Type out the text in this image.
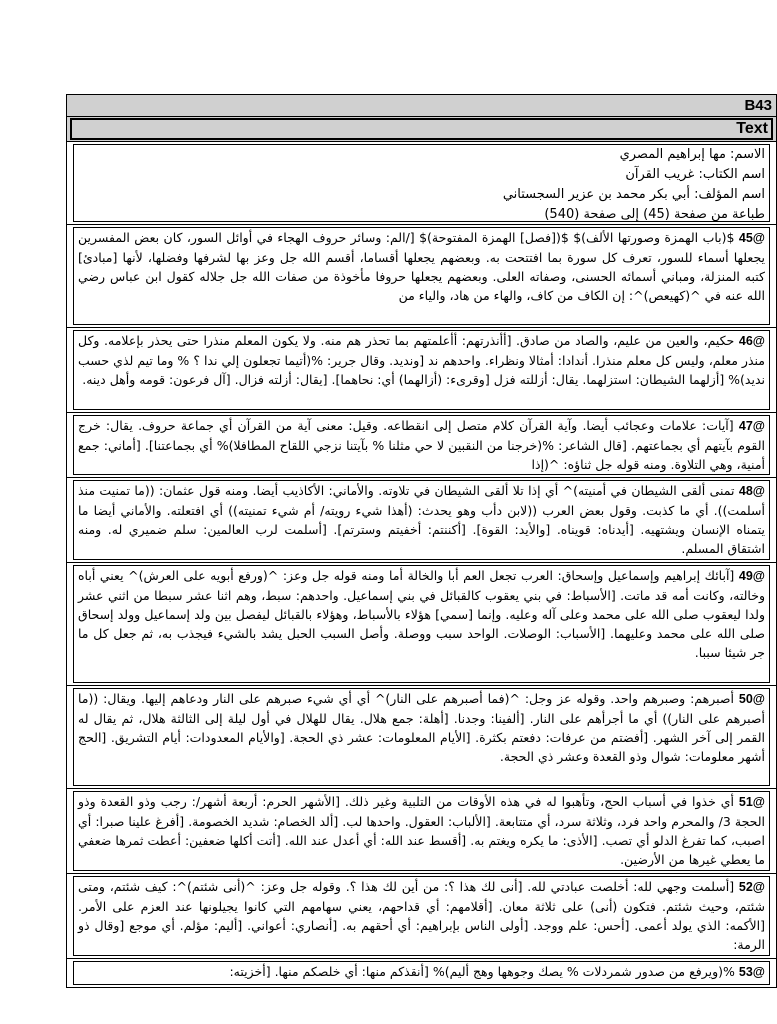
B43
Text
الاسم: مها إبراهيم المصري
اسم الكتاب: غريب القرآن
اسم المؤلف: أبي بكر محمد بن عزير السجستاني
طباعة من صفحة (45) إلى صفحة (540)
@45 $(باب الهمزة وصورتها الألف)$ $([فصل] الهمزة المفتوحة)$ [/الم: وسائر حروف الهجاء في أوائل السور، كان بعض المفسرين يجعلها أسماء للسور، تعرف كل سورة بما افتتحت به. وبعضهم يجعلها أقساما، أقسم الله جل وعز بها لشرفها وفضلها، لأنها [مبادئ] كتبه المنزلة، ومباني أسمائه الحسنى، وصفاته العلى. وبعضهم يجعلها حروفا مأخوذة من صفات الله جل جلاله كقول ابن عباس رضي الله عنه في ^(كهيعص)^: إن الكاف من كاف، والهاء من هاد، والياء من
@46 حكيم، والعين من عليم، والصاد من صادق. [أأنذرتهم: أأعلمتهم بما تحذر هم منه. ولا يكون المعلم منذرا حتى يحذر بإعلامه. وكل منذر معلم، وليس كل معلم منذرا. أندادا: أمثالا ونظراء. واحدهم ند [ونديد. وقال جرير: %(أتيما تجعلون إلي ندا ؟ % وما تيم لذي حسب نديد)% [أزلهما الشيطان: استزلهما. يقال: أزللته فزل [وقرىء: (أزالهما) أي: نحاهما]. [يقال: أزلته فزال. [آل فرعون: قومه وأهل دينه.
@47 [آيات: علامات وعجائب أيضا. وآية القرآن كلام متصل إلى انقطاعه. وقيل: معنى آية من القرآن أي جماعة حروف. يقال: خرج القوم بآيتهم أي بجماعتهم. [قال الشاعر: %(خرجنا من النقبين لا حي مثلنا % بآيتنا نزجي اللقاح المطافلا)% أي بجماعتنا]. [أماني: جمع أمنية، وهي التلاوة. ومنه قوله جل ثناؤه: ^(إذا
@48 تمنى ألقى الشيطان في أمنيته)^ أي إذا تلا ألقى الشيطان في تلاوته. والأماني: الأكاذيب أيضا. ومنه قول عثمان: ((ما تمنيت منذ أسلمت)). أي ما كذبت. وقول بعض العرب ((لابن دأب وهو يحدث: (أهذا شيء رويته/ أم شيء تمنيته)) أي افتعلته. والأماني أيضا ما يتمناه الإنسان ويشتهيه. [أيدناه: قويناه. [والأيد: القوة]. [أكننتم: أخفيتم وسترتم]. [أسلمت لرب العالمين: سلم ضميري له. ومنه اشتقاق المسلم.
@49 [آبائك إبراهيم وإسماعيل وإسحاق: العرب تجعل العم أبا والخالة أما ومنه قوله جل وعز: ^(ورفع أبويه على العرش)^ يعني أباه وخالته، وكانت أمه قد ماتت. [الأسباط: في بني يعقوب كالقبائل في بني إسماعيل. واحدهم: سبط، وهم اثنا عشر سبطا من اثني عشر ولدا ليعقوب صلى الله على محمد وعلى آله وعليه. وإنما [سمي] هؤلاء بالأسباط، وهؤلاء بالقبائل ليفصل بين ولد إسماعيل وولد إسحاق صلى الله على محمد وعليهما. [الأسباب: الوصلات. الواحد سبب ووصلة. وأصل السبب الحبل يشد بالشيء فيجذب به، ثم جعل كل ما جر شيئا سببا.
@50 أصبرهم: وصبرهم واحد. وقوله عز وجل: ^(فما أصبرهم على النار)^ أي أي شيء صبرهم على النار ودعاهم إليها. ويقال: ((ما أصبرهم على النار)) أي ما أجرأهم على النار. [ألفينا: وجدنا. [أهلة: جمع هلال. يقال للهلال في أول ليلة إلى الثالثة هلال، ثم يقال له القمر إلى آخر الشهر. [أفضتم من عرفات: دفعتم بكثرة. [الأيام المعلومات: عشر ذي الحجة. [والأيام المعدودات: أيام التشريق. [الحج أشهر معلومات: شوال وذو القعدة وعشر ذي الحجة.
@51 أي خذوا في أسباب الحج، وتأهبوا له في هذه الأوقات من التلبية وغير ذلك. [الأشهر الحرم: أربعة أشهر/: رجب وذو القعدة وذو الحجة 3/ والمحرم واحد فرد، وثلاثة سرد، أي متتابعة. [الألباب: العقول. واحدها لب. [ألد الخصام: شديد الخصومة. [أفرغ علينا صبرا: أي اصبب، كما تفرغ الدلو أي تصب. [الأذى: ما يكره ويغتم به. [أقسط عند الله: أي أعدل عند الله. [أتت أكلها ضعفين: أعطت ثمرها ضعفي ما يعطي غيرها من الأرضين.
@52 [أسلمت وجهي لله: أخلصت عبادتي لله. [أنى لك هذا ؟: من أين لك هذا ؟. وقوله جل وعز: ^(أنى شئتم)^: كيف شئتم، ومتى شئتم، وحيث شئتم. فتكون (أنى) على ثلاثة معان. [أقلامهم: أي قداحهم، يعني سهامهم التي كانوا يجيلونها عند العزم على الأمر. [الأكمه: الذي يولد أعمى. [أحس: علم ووجد. [أولى الناس بإبراهيم: أي أحقهم به. [أنصاري: أعواني. [أليم: مؤلم. أي موجع [وقال ذو الرمة:
@53 %(ويرفع من صدور شمردلات % يصك وجوهها وهج أليم)% [أنقذكم منها: أي خلصكم منها. [أخزيته:
